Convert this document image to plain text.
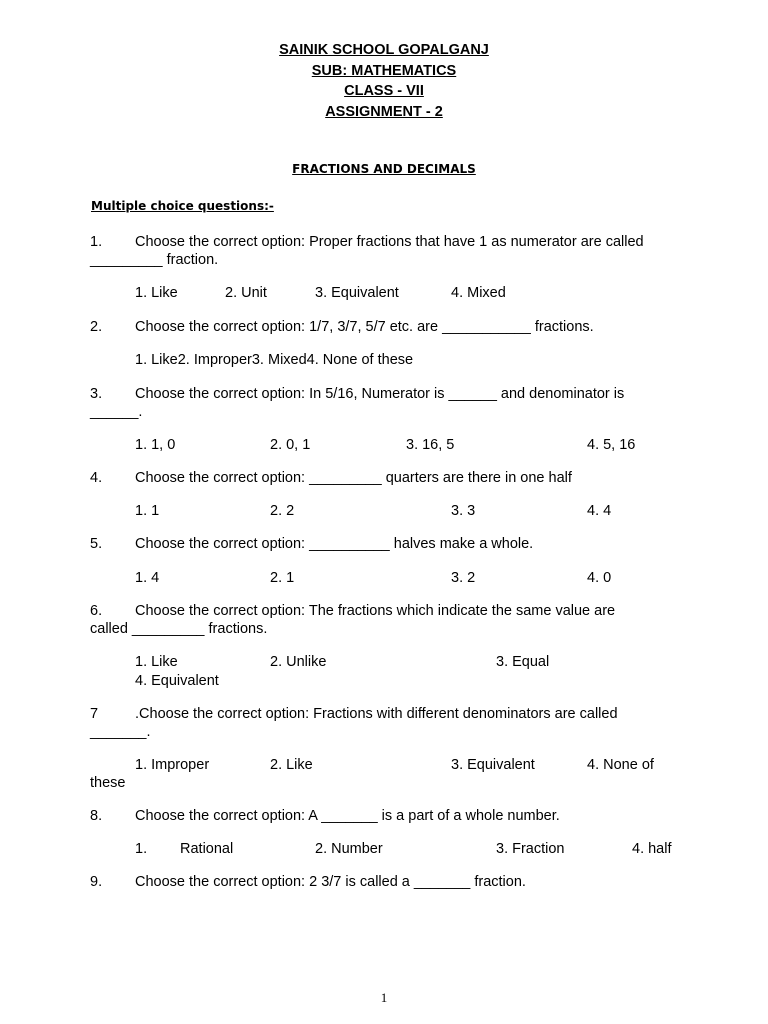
SAINIK SCHOOL GOPALGANJ
SUB: MATHEMATICS
CLASS - VII
ASSIGNMENT - 2
FRACTIONS AND DECIMALS
Multiple choice questions:-
1. Choose the correct option: Proper fractions that have 1 as numerator are called
_________ fraction.
1. Like	2. Unit	3. Equivalent	4. Mixed
2. Choose the correct option: 1/7, 3/7, 5/7 etc. are ___________ fractions.
1. Like2. Improper3. Mixed4. None of these
3. Choose the correct option: In 5/16, Numerator is ______ and denominator is
______.
1. 1, 0	2. 0, 1	3. 16, 5	4. 5, 16
4. Choose the correct option: _________ quarters are there in one half
1. 1	2. 2	3. 3	4. 4
5. Choose the correct option: __________ halves make a whole.
1. 4	2. 1	3. 2	4. 0
6. Choose the correct option: The fractions which indicate the same value are
called _________ fractions.
1. Like	2. Unlike	3. Equal
4. Equivalent
7	.Choose the correct option: Fractions with different denominators are called
_______.
1. Improper	2. Like	3. Equivalent	4. None of
these
8. Choose the correct option: A _______ is a part of a whole number.
1. Rational	2. Number	3. Fraction	4. half
9. Choose the correct option: 2 3/7 is called a _______ fraction.
1
